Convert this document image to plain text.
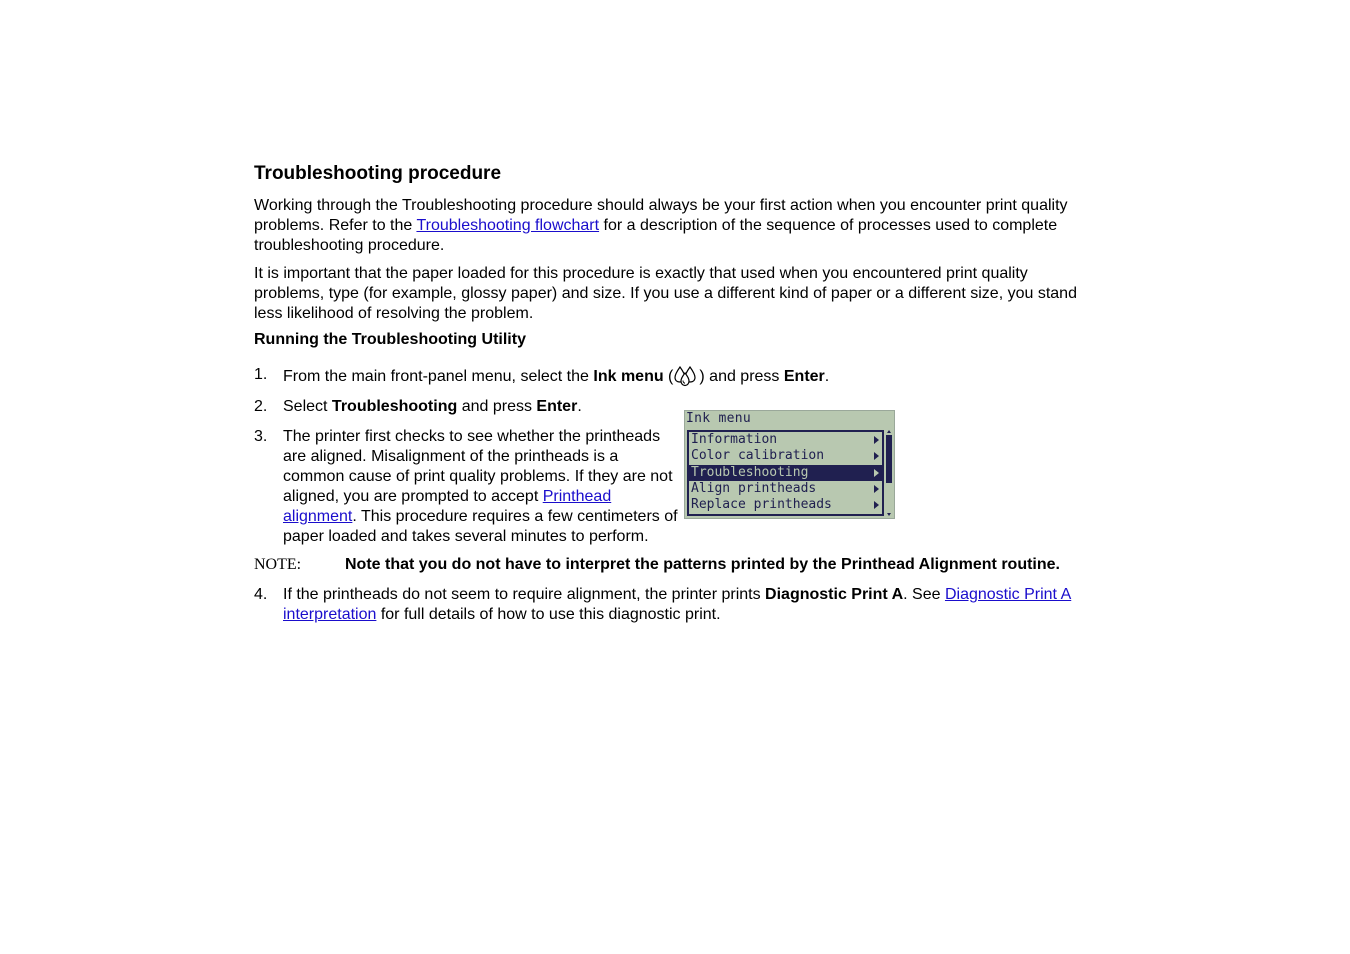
Troubleshooting procedure

Working through the Troubleshooting procedure should always be your first action when you encounter print quality problems. Refer to the Troubleshooting flowchart for a description of the sequence of processes used to complete troubleshooting procedure.

It is important that the paper loaded for this procedure is exactly that used when you encountered print quality problems, type (for example, glossy paper) and size. If you use a different kind of paper or a different size, you stand less likelihood of resolving the problem.

Running the Troubleshooting Utility
1. From the main front-panel menu, select the Ink menu ( ) and press Enter.
2. Select Troubleshooting and press Enter.
3. The printer first checks to see whether the printheads are aligned. Misalignment of the printheads is a common cause of print quality problems. If they are not aligned, you are prompted to accept Printhead alignment. This procedure requires a few centimeters of paper loaded and takes several minutes to perform.
Ink menu
Information
Color calibration
Troubleshooting
Align printheads
Replace printheads
NOTE:	Note that you do not have to interpret the patterns printed by the Printhead Alignment routine.
4. If the printheads do not seem to require alignment, the printer prints Diagnostic Print A. See Diagnostic Print A interpretation for full details of how to use this diagnostic print.
